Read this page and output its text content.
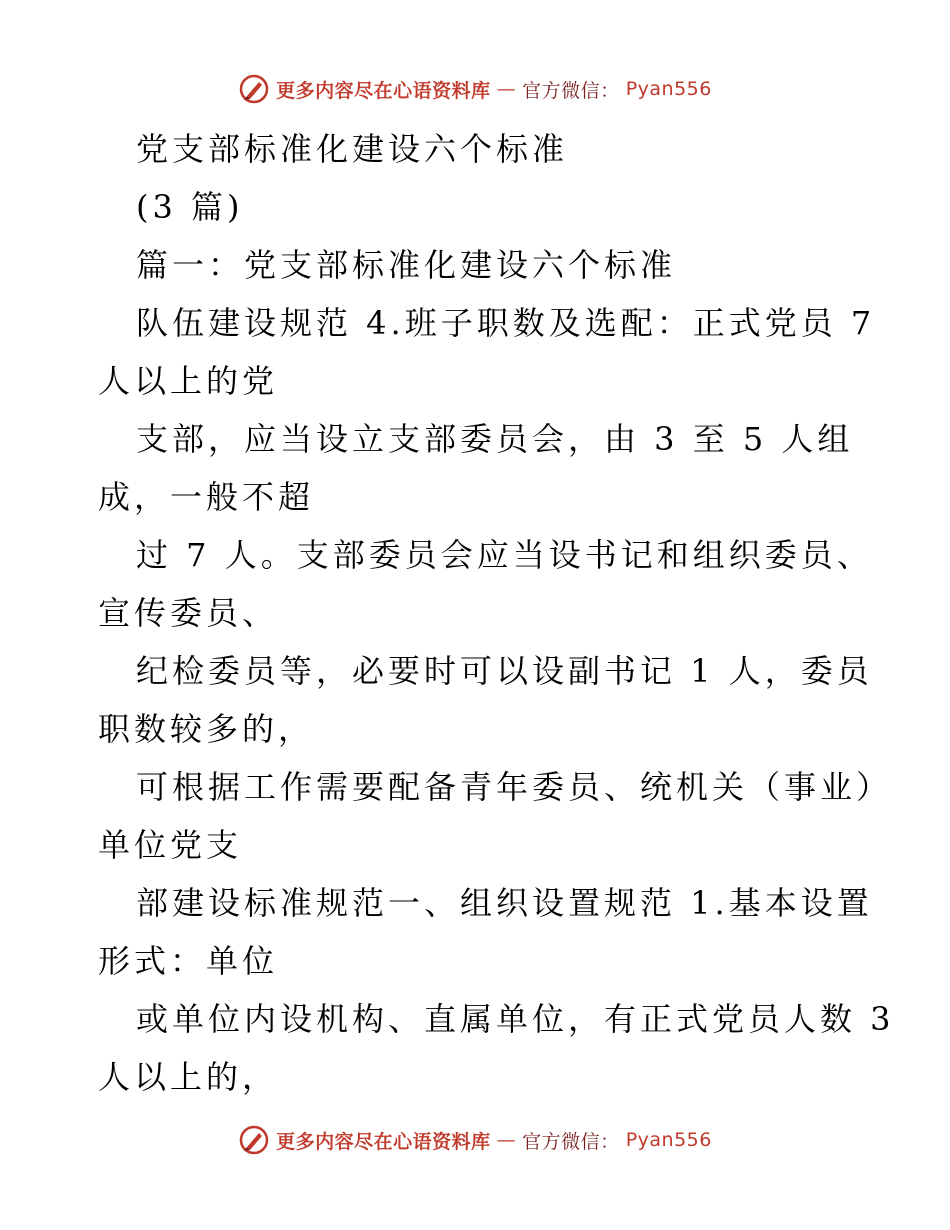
更多内容尽在心语资料库 — 官方微信： Pyan556
党支部标准化建设六个标准
(3 篇)
篇一：党支部标准化建设六个标准
队伍建设规范 4.班子职数及选配：正式党员 7
人以上的党
支部，应当设立支部委员会，由 3 至 5 人组
成，一般不超
过 7 人。支部委员会应当设书记和组织委员、
宣传委员、
纪检委员等，必要时可以设副书记 1 人，委员
职数较多的，
可根据工作需要配备青年委员、统机关（事业）
单位党支
部建设标准规范一、组织设置规范 1.基本设置
形式：单位
或单位内设机构、直属单位，有正式党员人数 3
人以上的，
更多内容尽在心语资料库 — 官方微信： Pyan556
